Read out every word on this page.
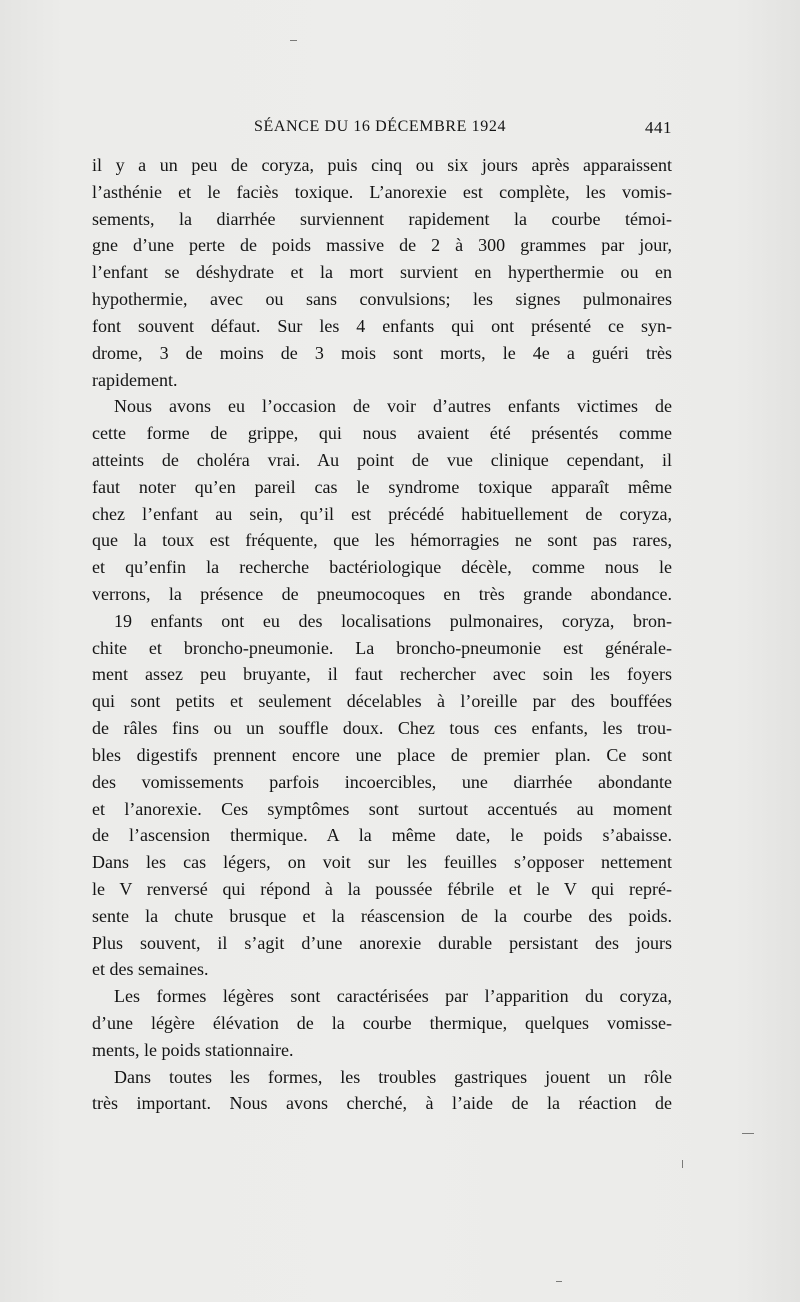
SÉANCE DU 16 DÉCEMBRE 1924	441
il y a un peu de coryza, puis cinq ou six jours après apparaissent
l’asthénie et le faciès toxique. L’anorexie est complète, les vomis-
sements, la diarrhée surviennent rapidement la courbe témoi-
gne d’une perte de poids massive de 2 à 300 grammes par jour,
l’enfant se déshydrate et la mort survient en hyperthermie ou en
hypothermie, avec ou sans convulsions; les signes pulmonaires
font souvent défaut. Sur les 4 enfants qui ont présenté ce syn-
drome, 3 de moins de 3 mois sont morts, le 4e a guéri très
rapidement.
Nous avons eu l’occasion de voir d’autres enfants victimes de
cette forme de grippe, qui nous avaient été présentés comme
atteints de choléra vrai. Au point de vue clinique cependant, il
faut noter qu’en pareil cas le syndrome toxique apparaît même
chez l’enfant au sein, qu’il est précédé habituellement de coryza,
que la toux est fréquente, que les hémorragies ne sont pas rares,
et qu’enfin la recherche bactériologique décèle, comme nous le
verrons, la présence de pneumocoques en très grande abondance.
19 enfants ont eu des localisations pulmonaires, coryza, bron-
chite et broncho-pneumonie. La broncho-pneumonie est générale-
ment assez peu bruyante, il faut rechercher avec soin les foyers
qui sont petits et seulement décelables à l’oreille par des bouffées
de râles fins ou un souffle doux. Chez tous ces enfants, les trou-
bles digestifs prennent encore une place de premier plan. Ce sont
des vomissements parfois incoercibles, une diarrhée abondante
et l’anorexie. Ces symptômes sont surtout accentués au moment
de l’ascension thermique. A la même date, le poids s’abaisse.
Dans les cas légers, on voit sur les feuilles s’opposer nettement
le V renversé qui répond à la poussée fébrile et le V qui repré-
sente la chute brusque et la réascension de la courbe des poids.
Plus souvent, il s’agit d’une anorexie durable persistant des jours
et des semaines.
Les formes légères sont caractérisées par l’apparition du coryza,
d’une légère élévation de la courbe thermique, quelques vomisse-
ments, le poids stationnaire.
Dans toutes les formes, les troubles gastriques jouent un rôle
très important. Nous avons cherché, à l’aide de la réaction de
